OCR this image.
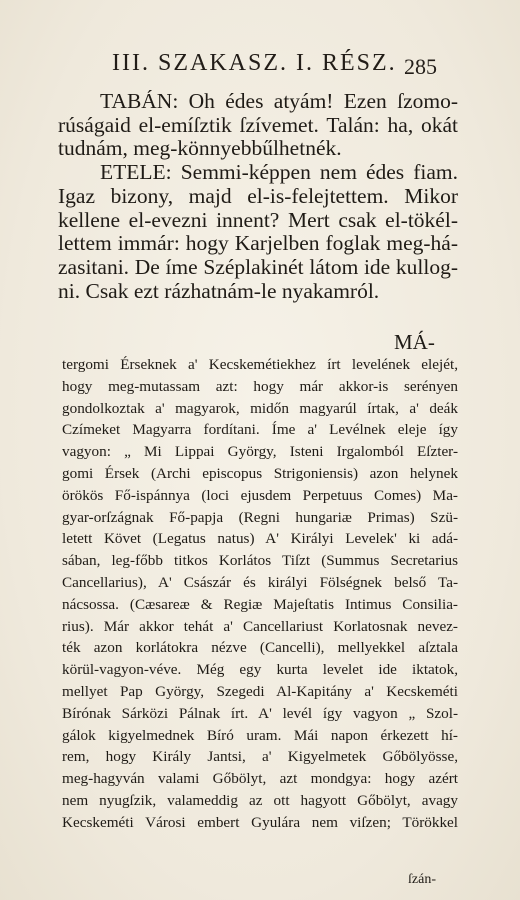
III. SZAKASZ. I. RÉSZ. 285
TABÁN: Oh édes atyám! Ezen ſzomo-
rúságaid el-emíſztik ſzívemet. Talán: ha, okát
tudnám, meg-könnyebbűlhetnék.
ETELE: Semmi-képpen nem édes fiam.
Igaz bizony, majd el-is-felejtettem. Mikor
kellene el-evezni innent? Mert csak el-tökél-
lettem immár: hogy Karjelben foglak meg-há-
zasitani. De íme Széplakinét látom ide kullog-
ni. Csak ezt rázhatnám-le nyakamról.
MÁ-
tergomi Érseknek a' Kecskemétiekhez írt levelének elejét,
hogy meg-mutassam azt: hogy már akkor-is serényen
gondolkoztak a' magyarok, midőn magyarúl írtak, a' deák
Czímeket Magyarra fordítani. Íme a' Levélnek eleje így
vagyon: „ Mi Lippai György, Isteni Irgalomból Eſzter-
gomi Érsek (Archi episcopus Strigoniensis) azon helynek
örökös Fő-ispánnya (loci ejusdem Perpetuus Comes) Ma-
gyar-orſzágnak Fő-papja (Regni hungariæ Primas) Szü-
letett Követ (Legatus natus) A' Királyi Levelek' ki adá-
sában, leg-főbb titkos Korlátos Tiſzt (Summus Secretarius
Cancellarius), A' Császár és királyi Fölségnek belső Ta-
nácsossa. (Cæsareæ & Regiæ Majeſtatis Intimus Consilia-
rius). Már akkor tehát a' Cancellariust Korlatosnak nevez-
ték azon korlátokra nézve (Cancelli), mellyekkel aſztala
körül-vagyon-véve. Még egy kurta levelet ide iktatok,
mellyet Pap György, Szegedi Al-Kapitány a' Kecskeméti
Bírónak Sárközi Pálnak írt. A' levél így vagyon „ Szol-
gálok kigyelmednek Bíró uram. Mái napon érkezett hí-
rem, hogy Király Jantsi, a' Kigyelmetek Gőbölyösse,
meg-hagyván valami Gőbölyt, azt mondgya: hogy azért
nem nyugſzik, valameddig az ott hagyott Gőbölyt, avagy
Kecskeméti Városi embert Gyulára nem viſzen; Törökkel
ſzán-
